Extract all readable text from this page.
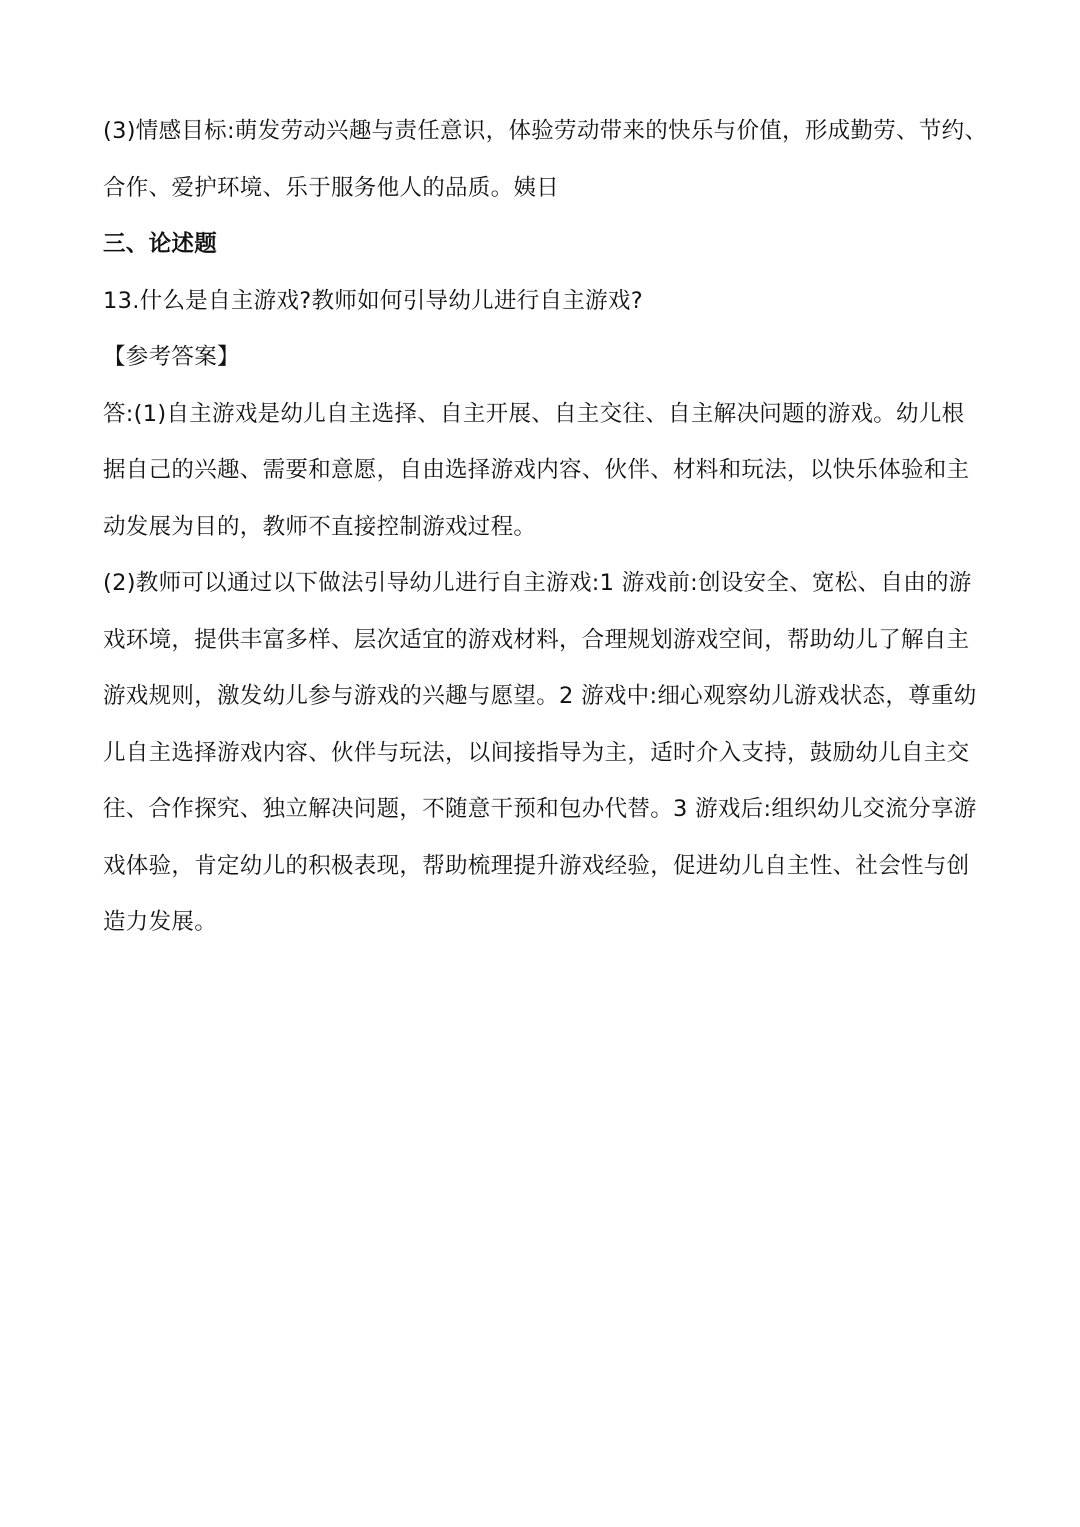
(3)情感目标:萌发劳动兴趣与责任意识，体验劳动带来的快乐与价值，形成勤劳、节约、
合作、爱护环境、乐于服务他人的品质。姨日
三、论述题
13.什么是自主游戏?教师如何引导幼儿进行自主游戏?
【参考答案】
答:(1)自主游戏是幼儿自主选择、自主开展、自主交往、自主解决问题的游戏。幼儿根
据自己的兴趣、需要和意愿，自由选择游戏内容、伙伴、材料和玩法，以快乐体验和主
动发展为目的，教师不直接控制游戏过程。
(2)教师可以通过以下做法引导幼儿进行自主游戏:1 游戏前:创设安全、宽松、自由的游
戏环境，提供丰富多样、层次适宜的游戏材料，合理规划游戏空间，帮助幼儿了解自主
游戏规则，激发幼儿参与游戏的兴趣与愿望。2 游戏中:细心观察幼儿游戏状态，尊重幼
儿自主选择游戏内容、伙伴与玩法，以间接指导为主，适时介入支持，鼓励幼儿自主交
往、合作探究、独立解决问题，不随意干预和包办代替。3 游戏后:组织幼儿交流分享游
戏体验，肯定幼儿的积极表现，帮助梳理提升游戏经验，促进幼儿自主性、社会性与创
造力发展。
